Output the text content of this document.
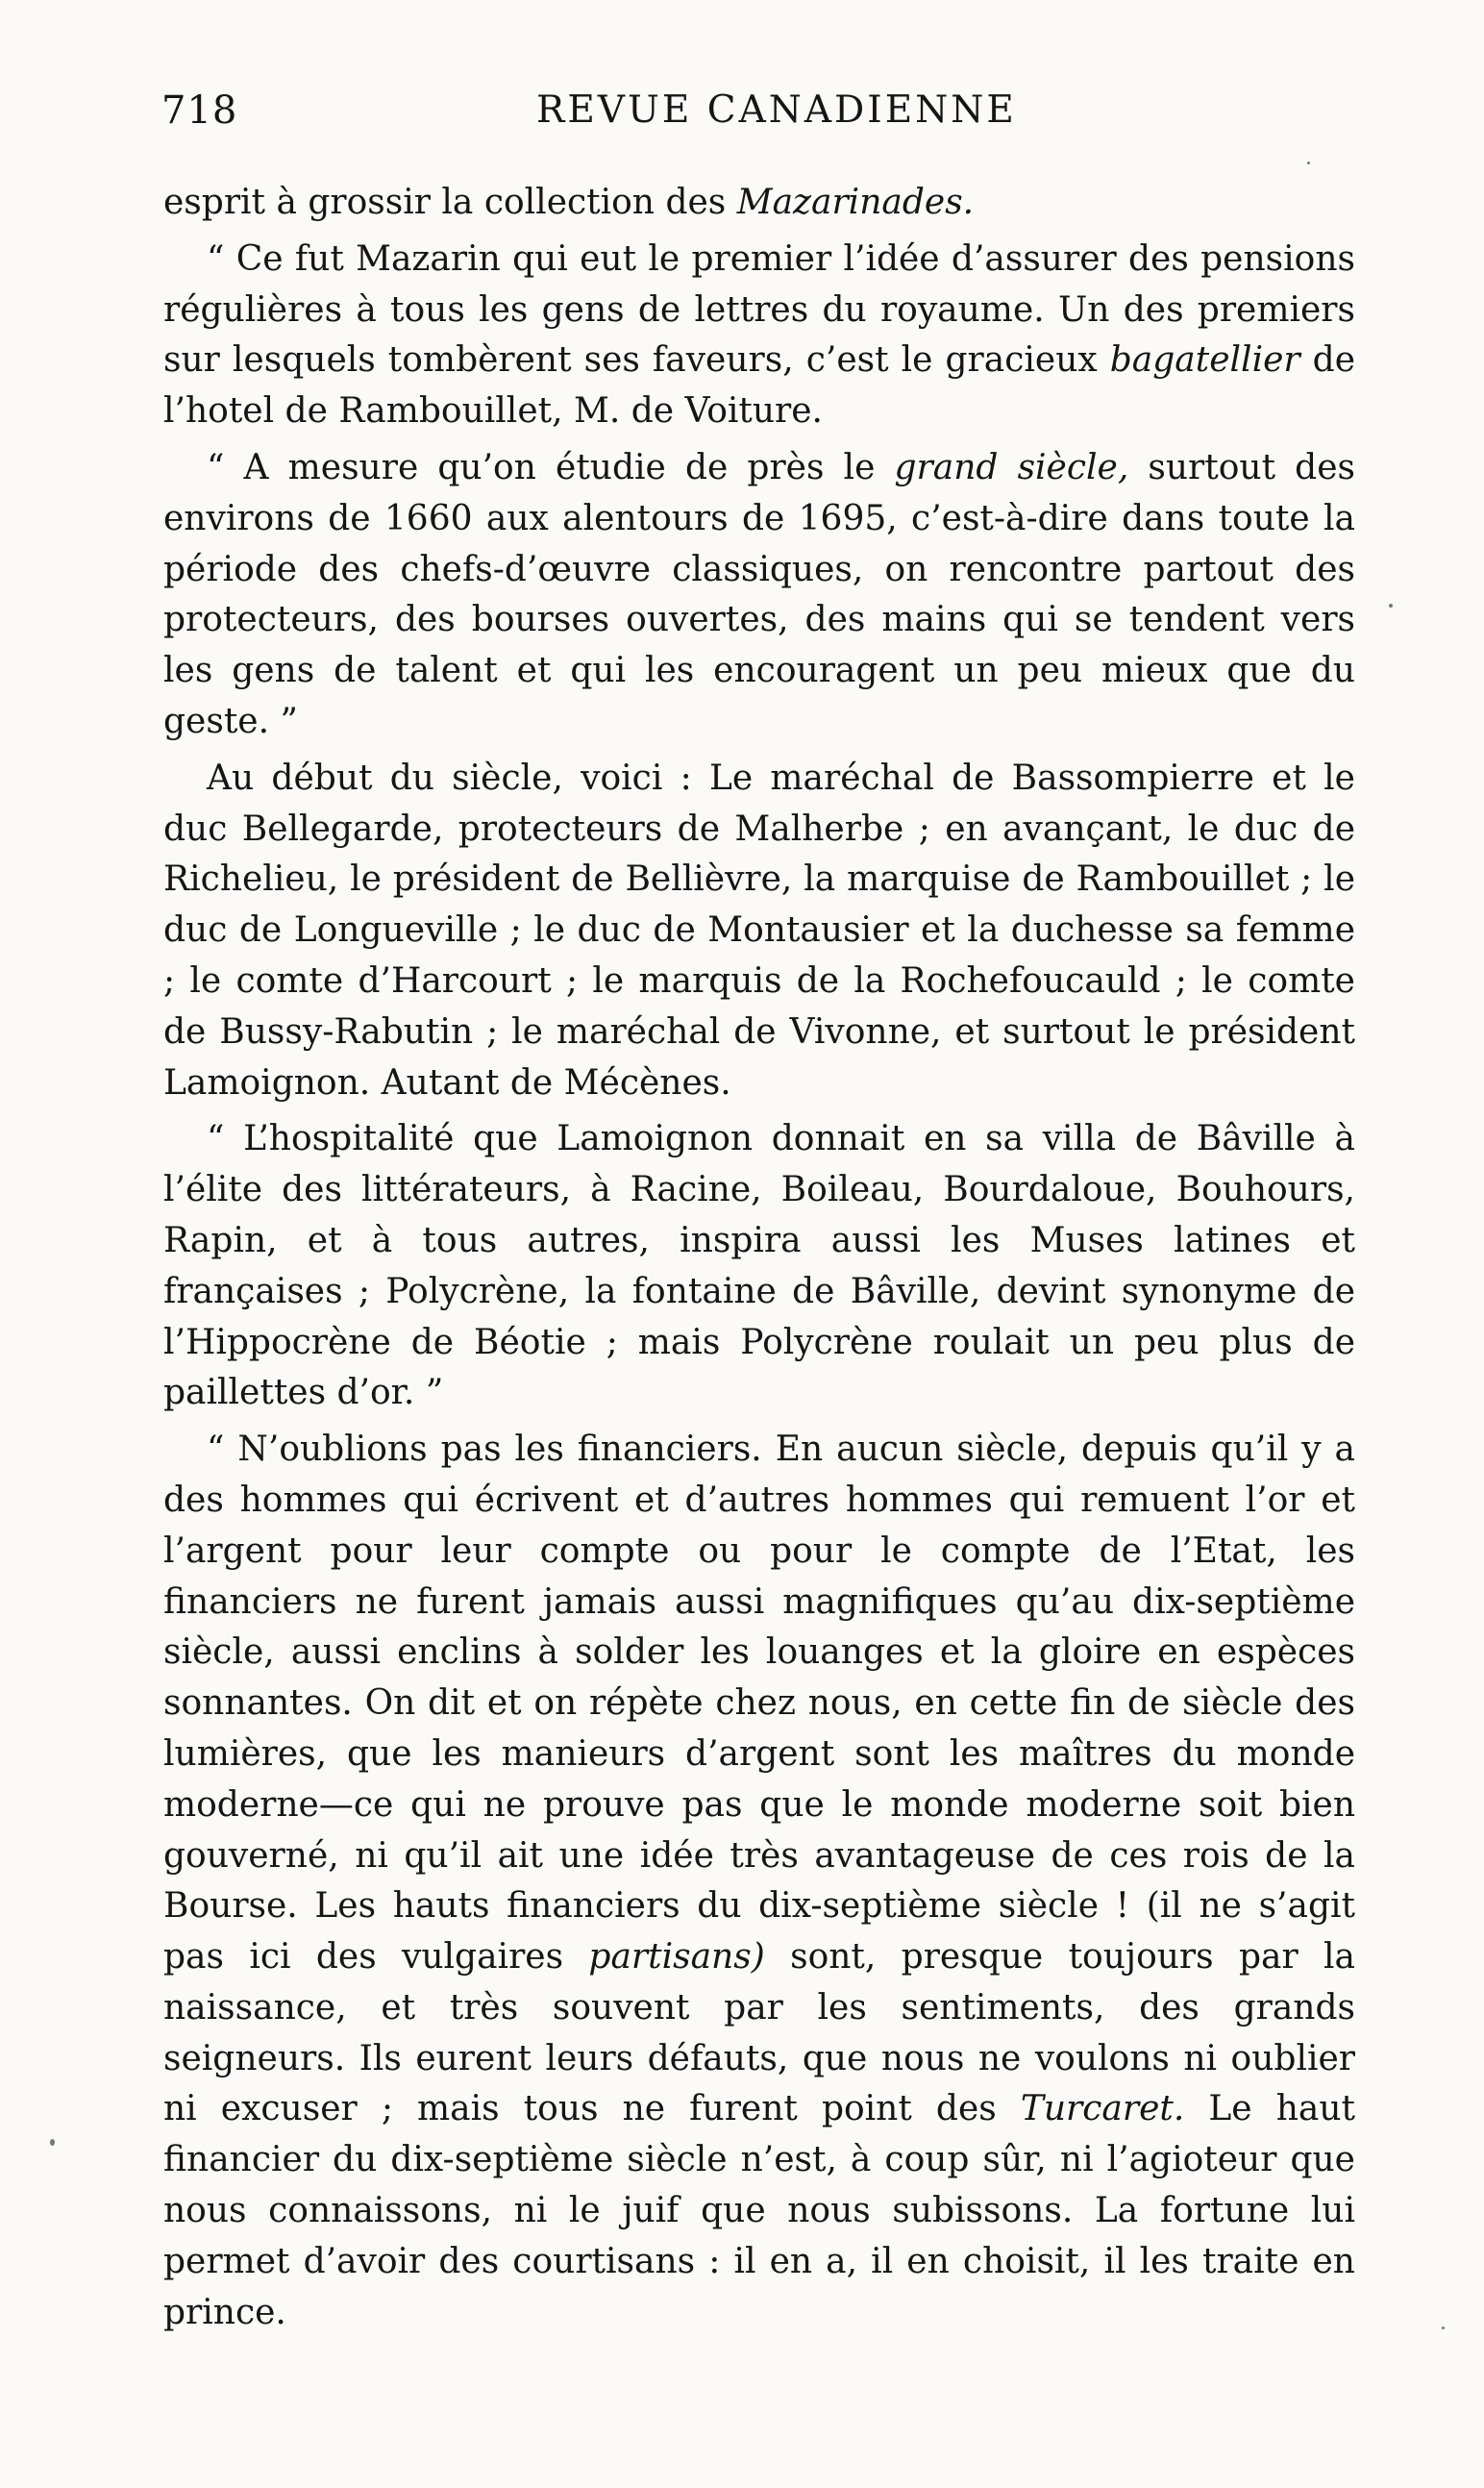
718	REVUE CANADIENNE

esprit à grossir la collection des Mazarinades.

“ Ce fut Mazarin qui eut le premier l’idée d’assurer des pensions régulières à tous les gens de lettres du royaume. Un des premiers sur lesquels tombèrent ses faveurs, c’est le gracieux bagatellier de l’hotel de Rambouillet, M. de Voiture.

“ A mesure qu’on étudie de près le grand siècle, surtout des environs de 1660 aux alentours de 1695, c’est-à-dire dans toute la période des chefs-d’œuvre classiques, on rencontre partout des protecteurs, des bourses ouvertes, des mains qui se tendent vers les gens de talent et qui les encouragent un peu mieux que du geste. ”

Au début du siècle, voici : Le maréchal de Bassompierre et le duc Bellegarde, protecteurs de Malherbe ; en avançant, le duc de Richelieu, le président de Bellièvre, la marquise de Rambouillet ; le duc de Longueville ; le duc de Montausier et la duchesse sa femme ; le comte d’Harcourt ; le marquis de la Rochefoucauld ; le comte de Bussy-Rabutin ; le maréchal de Vivonne, et surtout le président Lamoignon. Autant de Mécènes.

“ L’hospitalité que Lamoignon donnait en sa villa de Bâville à l’élite des littérateurs, à Racine, Boileau, Bourdaloue, Bouhours, Rapin, et à tous autres, inspira aussi les Muses latines et françaises ; Polycrène, la fontaine de Bâville, devint synonyme de l’Hippocrène de Béotie ; mais Polycrène roulait un peu plus de paillettes d’or. ”

“ N’oublions pas les financiers. En aucun siècle, depuis qu’il y a des hommes qui écrivent et d’autres hommes qui remuent l’or et l’argent pour leur compte ou pour le compte de l’Etat, les financiers ne furent jamais aussi magnifiques qu’au dix-septième siècle, aussi enclins à solder les louanges et la gloire en espèces sonnantes. On dit et on répète chez nous, en cette fin de siècle des lumières, que les manieurs d’argent sont les maîtres du monde moderne—ce qui ne prouve pas que le monde moderne soit bien gouverné, ni qu’il ait une idée très avantageuse de ces rois de la Bourse. Les hauts financiers du dix-septième siècle ! (il ne s’agit pas ici des vulgaires partisans) sont, presque toujours par la naissance, et très souvent par les sentiments, des grands seigneurs. Ils eurent leurs défauts, que nous ne voulons ni oublier ni excuser ; mais tous ne furent point des Turcaret. Le haut financier du dix-septième siècle n’est, à coup sûr, ni l’agioteur que nous connaissons, ni le juif que nous subissons. La fortune lui permet d’avoir des courtisans : il en a, il en choisit, il les traite en prince.
